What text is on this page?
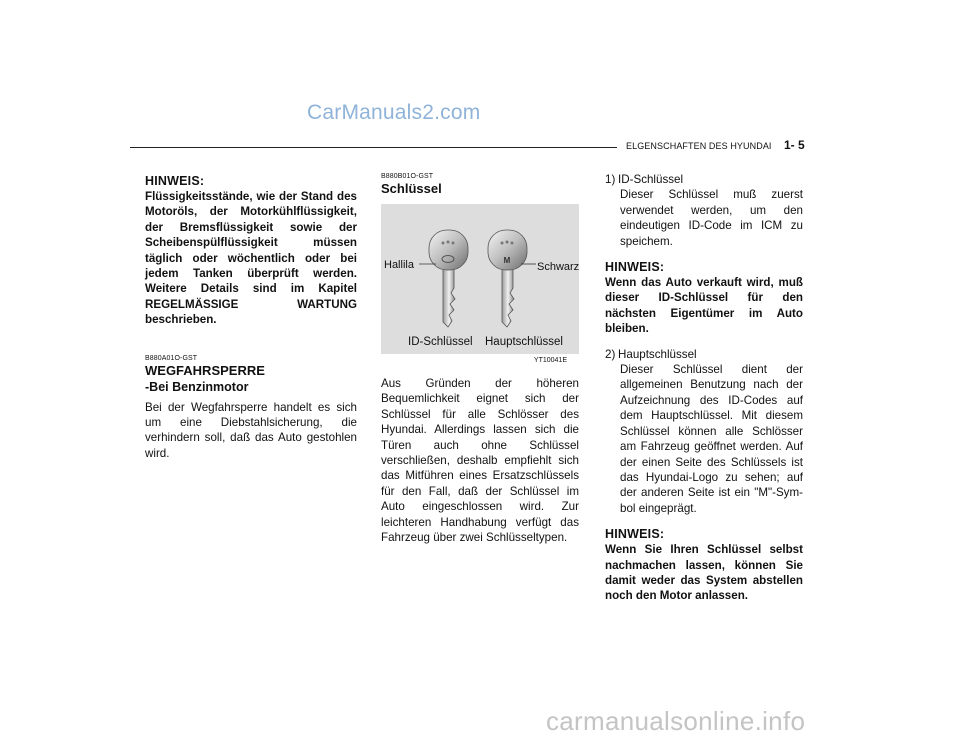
CarManuals2.com
ELGENSCHAFTEN DES HYUNDAI 1- 5

HINWEIS:

Flüssigkeitsstände, wie der Stand des Motoröls, der Motorkühlflüssigkeit, der Bremsflüssigkeit sowie der Scheibenspülflüssigkeit müssen täglich oder wöchentlich oder bei jedem Tanken überprüft werden. Weitere Details sind im Kapitel REGELMÄSSIGE WARTUNG beschrieben.

B880A01O-GST

WEGFAHRSPERRE

-Bei Benzinmotor

Bei der Wegfahrsperre handelt es sich um eine Diebstahlsicherung, die verhindern soll, daß das Auto gestohlen wird.

B880B01O-GST

Schlüssel

M
Hallila	Schwarz
ID-Schlüssel Hauptschlüssel

YT10041E

Aus Gründen der höheren Bequemlichkeit eignet sich der Schlüssel für alle Schlösser des Hyundai. Allerdings lassen sich die Türen auch ohne Schlüssel verschließen, deshalb empfiehlt sich das Mitführen eines Ersatzschlüssels für den Fall, daß der Schlüssel im Auto eingeschlossen wird. Zur leichteren Handhabung verfügt das Fahrzeug über zwei Schlüsseltypen.

1) ID-Schlüssel

Dieser Schlüssel muß zuerst verwendet werden, um den eindeutigen ID-Code im ICM zu speichem.

HINWEIS:

Wenn das Auto verkauft wird, muß dieser ID-Schlüssel für den nächsten Eigentümer im Auto bleiben.

2) Hauptschlüssel

Dieser Schlüssel dient der allgemeinen Benutzung nach der Aufzeichnung des ID-Codes auf dem Hauptschlüssel. Mit diesem Schlüssel können alle Schlösser am Fahrzeug geöffnet werden. Auf der einen Seite des Schlüssels ist das Hyundai-Logo zu sehen; auf der anderen Seite ist ein "M"-Sym-bol eingeprägt.

HINWEIS:

Wenn Sie Ihren Schlüssel selbst nachmachen lassen, können Sie damit weder das System abstellen noch den Motor anlassen.

carmanualsonline.info
